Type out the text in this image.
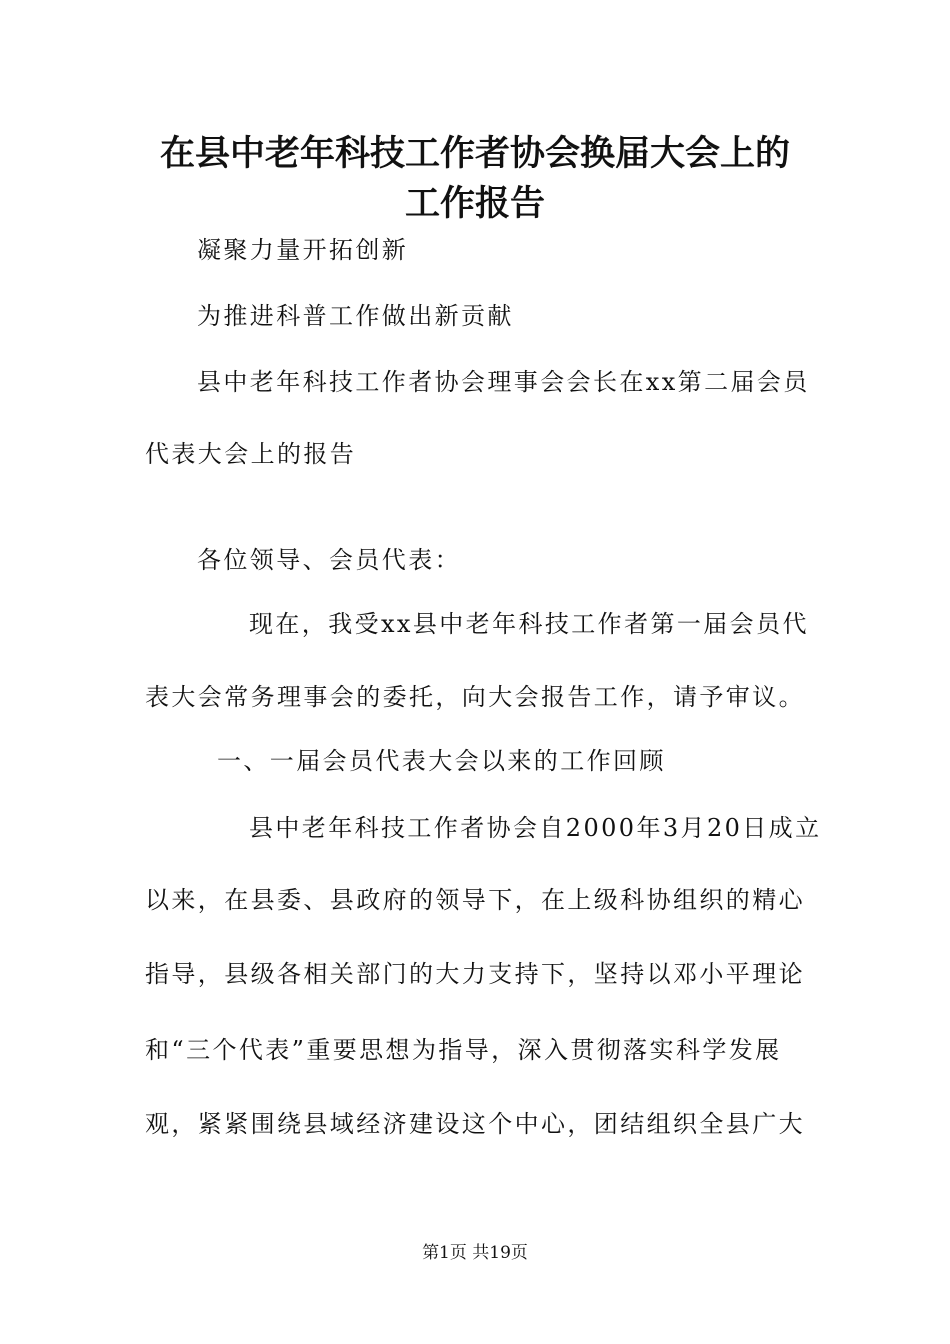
在县中老年科技工作者协会换届大会上的
工作报告

凝聚力量开拓创新

为推进科普工作做出新贡献

县中老年科技工作者协会理事会会长在xx第二届会员

代表大会上的报告

各位领导、会员代表：

现在，我受xx县中老年科技工作者第一届会员代

表大会常务理事会的委托，向大会报告工作，请予审议。

一、一届会员代表大会以来的工作回顾

县中老年科技工作者协会自2000年3月20日成立

以来，在县委、县政府的领导下，在上级科协组织的精心

指导，县级各相关部门的大力支持下，坚持以邓小平理论

和“三个代表”重要思想为指导，深入贯彻落实科学发展

观，紧紧围绕县域经济建设这个中心，团结组织全县广大

第1页 共19页
